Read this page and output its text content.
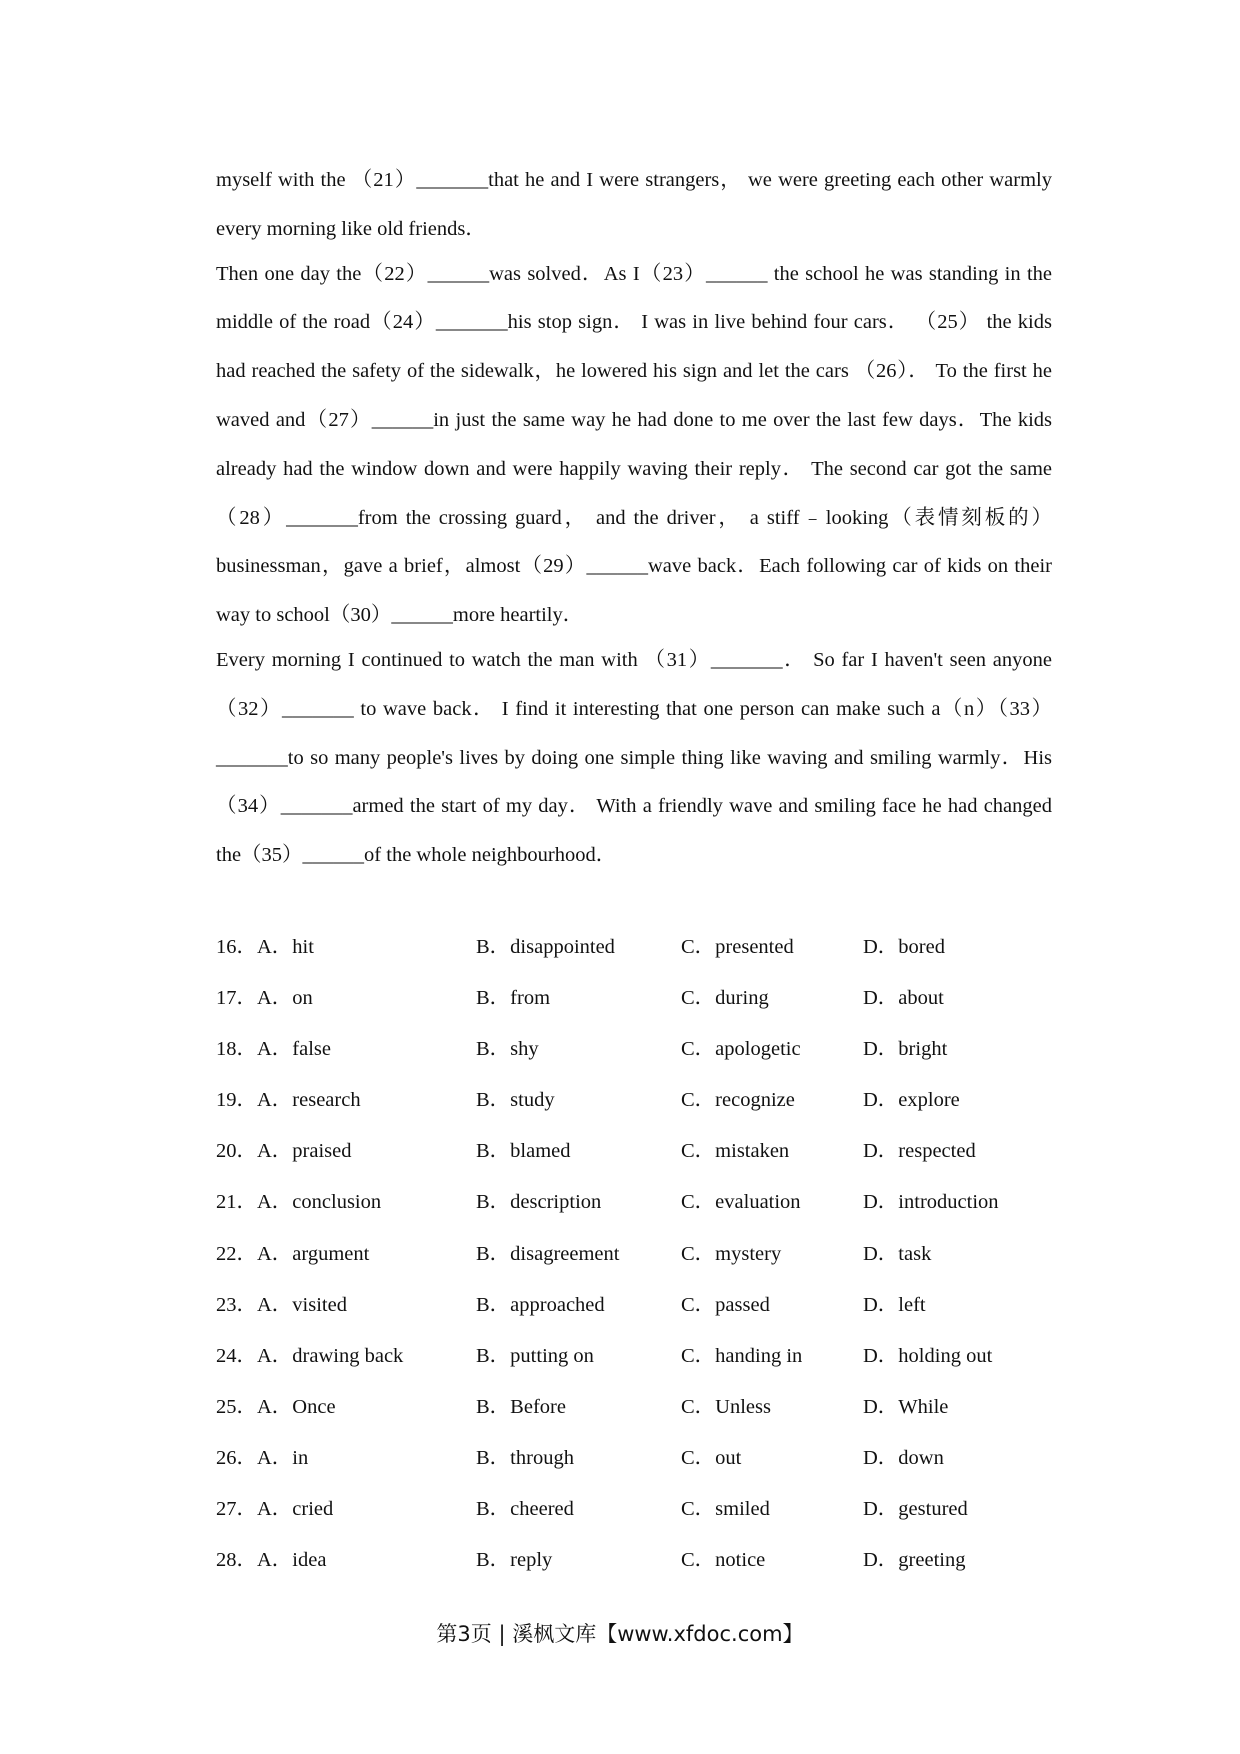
myself with the （21）_______that he and I were strangers， we were greeting each other warmly every morning like old friends．

Then one day the（22）______was solved．As I（23）______ the school he was standing in the middle of the road（24）_______his stop sign． I was in live behind four cars． （25） the kids had reached the safety of the sidewalk，he lowered his sign and let the cars （26）． To the first he waved and（27）______in just the same way he had done to me over the last few days．The kids already had the window down and were happily waving their reply． The second car got the same（28）_______from the crossing guard， and the driver， a stiff﹣looking（表情刻板的） businessman，gave a brief，almost（29）______wave back．Each following car of kids on their way to school（30）______more heartily．

Every morning I continued to watch the man with （31）_______． So far I haven't seen anyone（32）_______ to wave back． I find it interesting that one person can make such a（n）（33）_______to so many people's lives by doing one simple thing like waving and smiling warmly．His（34）_______armed the start of my day． With a friendly wave and smiling face he had changed the（35）______of the whole neighbourhood．

16．A．hit	B．disappointed	C．presented	D．bored
17．A．on	B．from	C．during	D．about
18．A．false	B．shy	C．apologetic	D．bright
19．A．research	B．study	C．recognize	D．explore
20．A．praised	B．blamed	C．mistaken	D．respected
21．A．conclusion	B．description	C．evaluation	D．introduction
22．A．argument	B．disagreement	C．mystery	D．task
23．A．visited	B．approached	C．passed	D．left
24．A．drawing back	B．putting on	C．handing in	D．holding out
25．A．Once	B．Before	C．Unless	D．While
26．A．in	B．through	C．out	D．down
27．A．cried	B．cheered	C．smiled	D．gestured
28．A．idea	B．reply	C．notice	D．greeting
第3页 | 溪枫文库【www.xfdoc.com】
